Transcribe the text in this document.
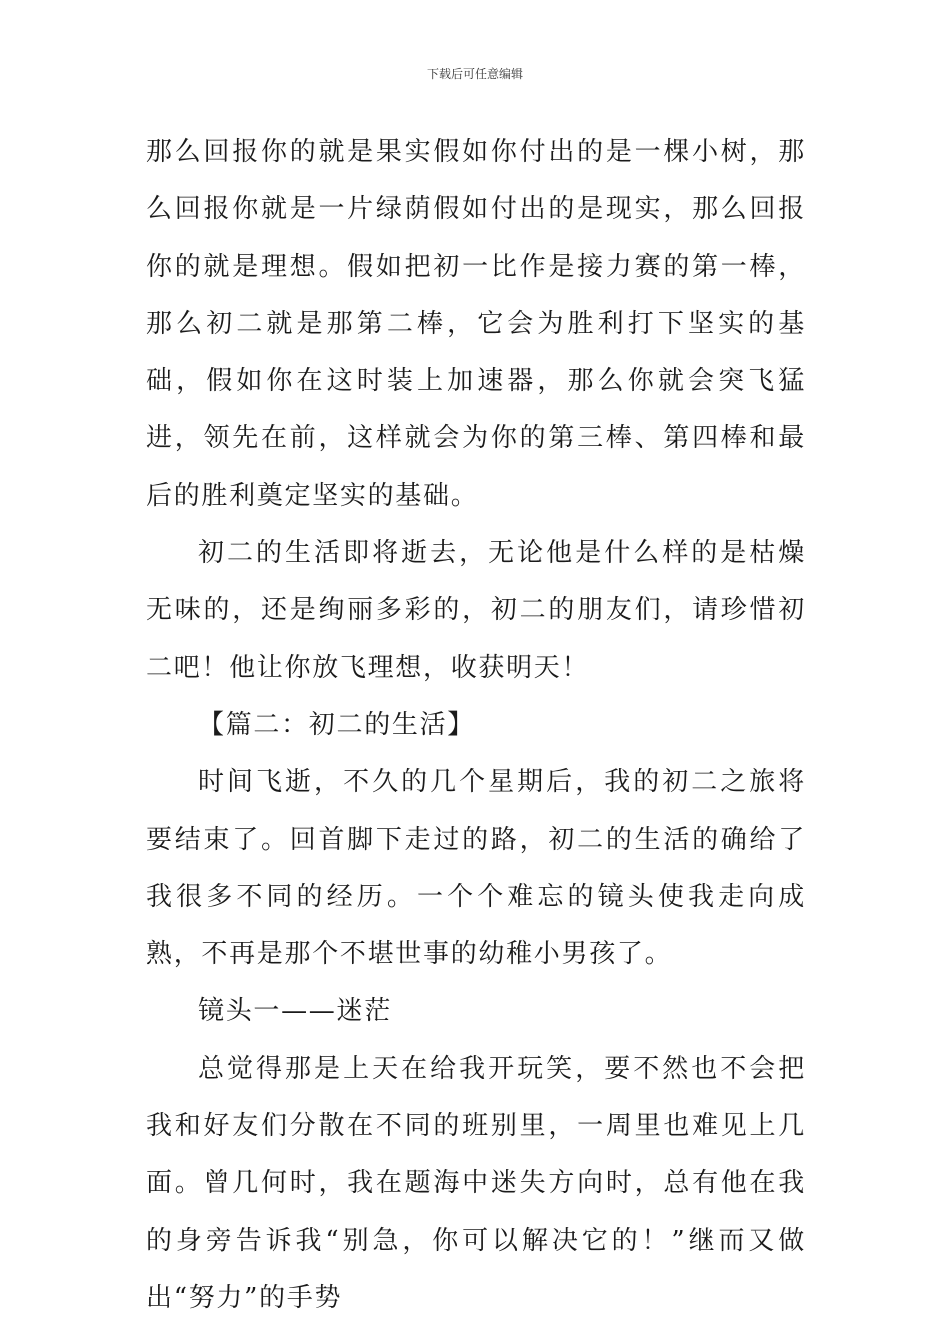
下载后可任意编辑

那么回报你的就是果实假如你付出的是一棵小树，那么回报你就是一片绿荫假如付出的是现实，那么回报你的就是理想。假如把初一比作是接力赛的第一棒，那么初二就是那第二棒，它会为胜利打下坚实的基础，假如你在这时装上加速器，那么你就会突飞猛进，领先在前，这样就会为你的第三棒、第四棒和最后的胜利奠定坚实的基础。

初二的生活即将逝去，无论他是什么样的是枯燥无味的，还是绚丽多彩的，初二的朋友们，请珍惜初二吧！他让你放飞理想，收获明天！

【篇二：初二的生活】

时间飞逝，不久的几个星期后，我的初二之旅将要结束了。回首脚下走过的路，初二的生活的确给了我很多不同的经历。一个个难忘的镜头使我走向成熟，不再是那个不堪世事的幼稚小男孩了。

镜头一——迷茫

总觉得那是上天在给我开玩笑，要不然也不会把我和好友们分散在不同的班别里，一周里也难见上几面。曾几何时，我在题海中迷失方向时，总有他在我的身旁告诉我“别急，你可以解决它的！”继而又做出“努力”的手势
